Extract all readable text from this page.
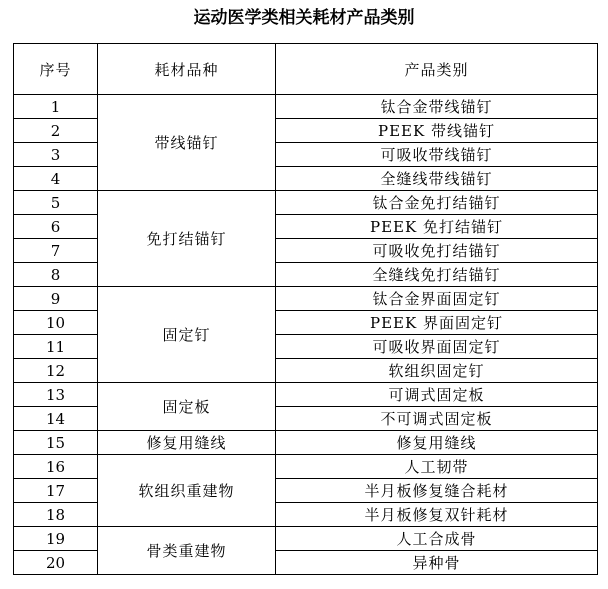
运动医学类相关耗材产品类别
序号	耗材品种	产品类别
1	带线锚钉	钛合金带线锚钉
2		PEEK 带线锚钉
3		可吸收带线锚钉
4		全缝线带线锚钉
5	免打结锚钉	钛合金免打结锚钉
6		PEEK 免打结锚钉
7		可吸收免打结锚钉
8		全缝线免打结锚钉
9	固定钉	钛合金界面固定钉
10		PEEK 界面固定钉
11		可吸收界面固定钉
12		软组织固定钉
13	固定板	可调式固定板
14		不可调式固定板
15	修复用缝线	修复用缝线
16	软组织重建物	人工韧带
17		半月板修复缝合耗材
18		半月板修复双针耗材
19	骨类重建物	人工合成骨
20		异种骨
